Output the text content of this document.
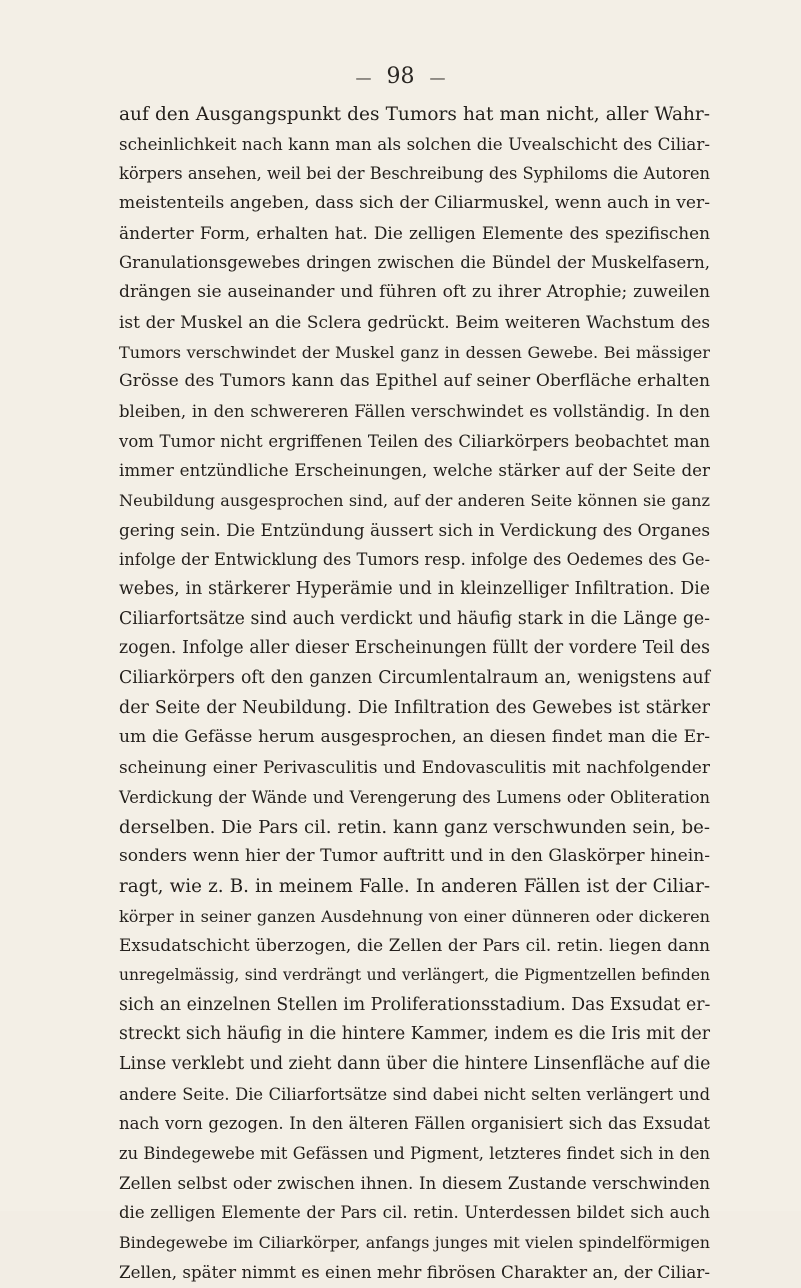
— 98 —
auf den Ausgangspunkt des Tumors hat man nicht, aller Wahr-
scheinlichkeit nach kann man als solchen die Uvealschicht des Ciliar-
körpers ansehen, weil bei der Beschreibung des Syphiloms die Autoren
meistenteils angeben, dass sich der Ciliarmuskel, wenn auch in ver-
änderter Form, erhalten hat. Die zelligen Elemente des spezifischen
Granulationsgewebes dringen zwischen die Bündel der Muskelfasern,
drängen sie auseinander und führen oft zu ihrer Atrophie; zuweilen
ist der Muskel an die Sclera gedrückt. Beim weiteren Wachstum des
Tumors verschwindet der Muskel ganz in dessen Gewebe. Bei mässiger
Grösse des Tumors kann das Epithel auf seiner Oberfläche erhalten
bleiben, in den schwereren Fällen verschwindet es vollständig. In den
vom Tumor nicht ergriffenen Teilen des Ciliarkörpers beobachtet man
immer entzündliche Erscheinungen, welche stärker auf der Seite der
Neubildung ausgesprochen sind, auf der anderen Seite können sie ganz
gering sein. Die Entzündung äussert sich in Verdickung des Organes
infolge der Entwicklung des Tumors resp. infolge des Oedemes des Ge-
webes, in stärkerer Hyperämie und in kleinzelliger Infiltration. Die
Ciliarfortsätze sind auch verdickt und häufig stark in die Länge ge-
zogen. Infolge aller dieser Erscheinungen füllt der vordere Teil des
Ciliarkörpers oft den ganzen Circumlentalraum an, wenigstens auf
der Seite der Neubildung. Die Infiltration des Gewebes ist stärker
um die Gefässe herum ausgesprochen, an diesen findet man die Er-
scheinung einer Perivasculitis und Endovasculitis mit nachfolgender
Verdickung der Wände und Verengerung des Lumens oder Obliteration
derselben. Die Pars cil. retin. kann ganz verschwunden sein, be-
sonders wenn hier der Tumor auftritt und in den Glaskörper hinein-
ragt, wie z. B. in meinem Falle. In anderen Fällen ist der Ciliar-
körper in seiner ganzen Ausdehnung von einer dünneren oder dickeren
Exsudatschicht überzogen, die Zellen der Pars cil. retin. liegen dann
unregelmässig, sind verdrängt und verlängert, die Pigmentzellen befinden
sich an einzelnen Stellen im Proliferationsstadium. Das Exsudat er-
streckt sich häufig in die hintere Kammer, indem es die Iris mit der
Linse verklebt und zieht dann über die hintere Linsenfläche auf die
andere Seite. Die Ciliarfortsätze sind dabei nicht selten verlängert und
nach vorn gezogen. In den älteren Fällen organisiert sich das Exsudat
zu Bindegewebe mit Gefässen und Pigment, letzteres findet sich in den
Zellen selbst oder zwischen ihnen. In diesem Zustande verschwinden
die zelligen Elemente der Pars cil. retin. Unterdessen bildet sich auch
Bindegewebe im Ciliarkörper, anfangs junges mit vielen spindelförmigen
Zellen, später nimmt es einen mehr fibrösen Charakter an, der Ciliar-
